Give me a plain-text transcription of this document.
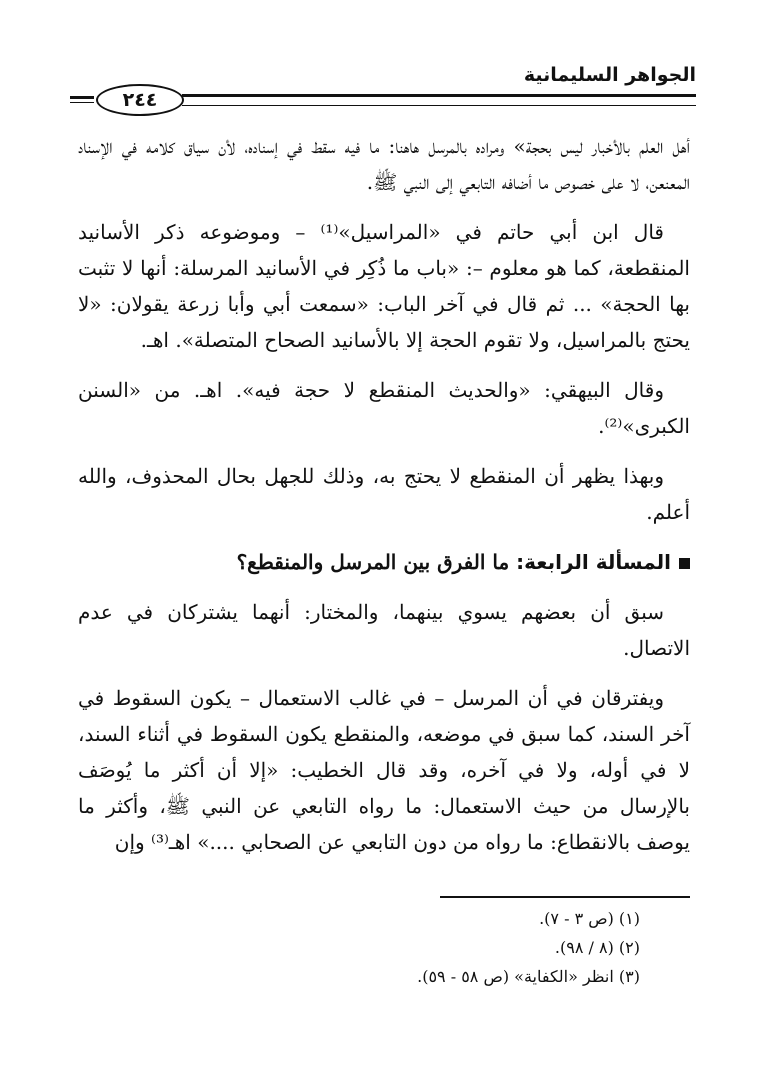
الجواهر السليمانية
٢٤٤

أهل العلم بالأخبار ليس بحجة» ومراده بالمرسل هاهنا: ما فيه سقط في إسناده، لأن سياق كلامه في الإسناد المعنعن، لا على خصوص ما أضافه التابعي إلى النبي ﷺ.

قال ابن أبي حاتم في «المراسيل»⁽¹⁾ – وموضوعه ذكر الأسانيد المنقطعة، كما هو معلوم –: «باب ما ذُكِر في الأسانيد المرسلة: أنها لا تثبت بها الحجة» ... ثم قال في آخر الباب: «سمعت أبي وأبا زرعة يقولان: «لا يحتج بالمراسيل، ولا تقوم الحجة إلا بالأسانيد الصحاح المتصلة». اهـ.

وقال البيهقي: «والحديث المنقطع لا حجة فيه». اهـ. من «السنن الكبرى»⁽²⁾.

وبهذا يظهر أن المنقطع لا يحتج به، وذلك للجهل بحال المحذوف، والله أعلم.

المسألة الرابعة: ما الفرق بين المرسل والمنقطع؟

سبق أن بعضهم يسوي بينهما، والمختار: أنهما يشتركان في عدم الاتصال.

ويفترقان في أن المرسل – في غالب الاستعمال – يكون السقوط في آخر السند، كما سبق في موضعه، والمنقطع يكون السقوط في أثناء السند، لا في أوله، ولا في آخره، وقد قال الخطيب: «إلا أن أكثر ما يُوصَف بالإرسال من حيث الاستعمال: ما رواه التابعي عن النبي ﷺ، وأكثر ما يوصف بالانقطاع: ما رواه من دون التابعي عن الصحابي ....» اهـ⁽³⁾ وإن

(١) (ص ٣ - ٧).

(٢) (٨ / ٩٨).

(٣) انظر «الكفاية» (ص ٥٨ - ٥٩).
